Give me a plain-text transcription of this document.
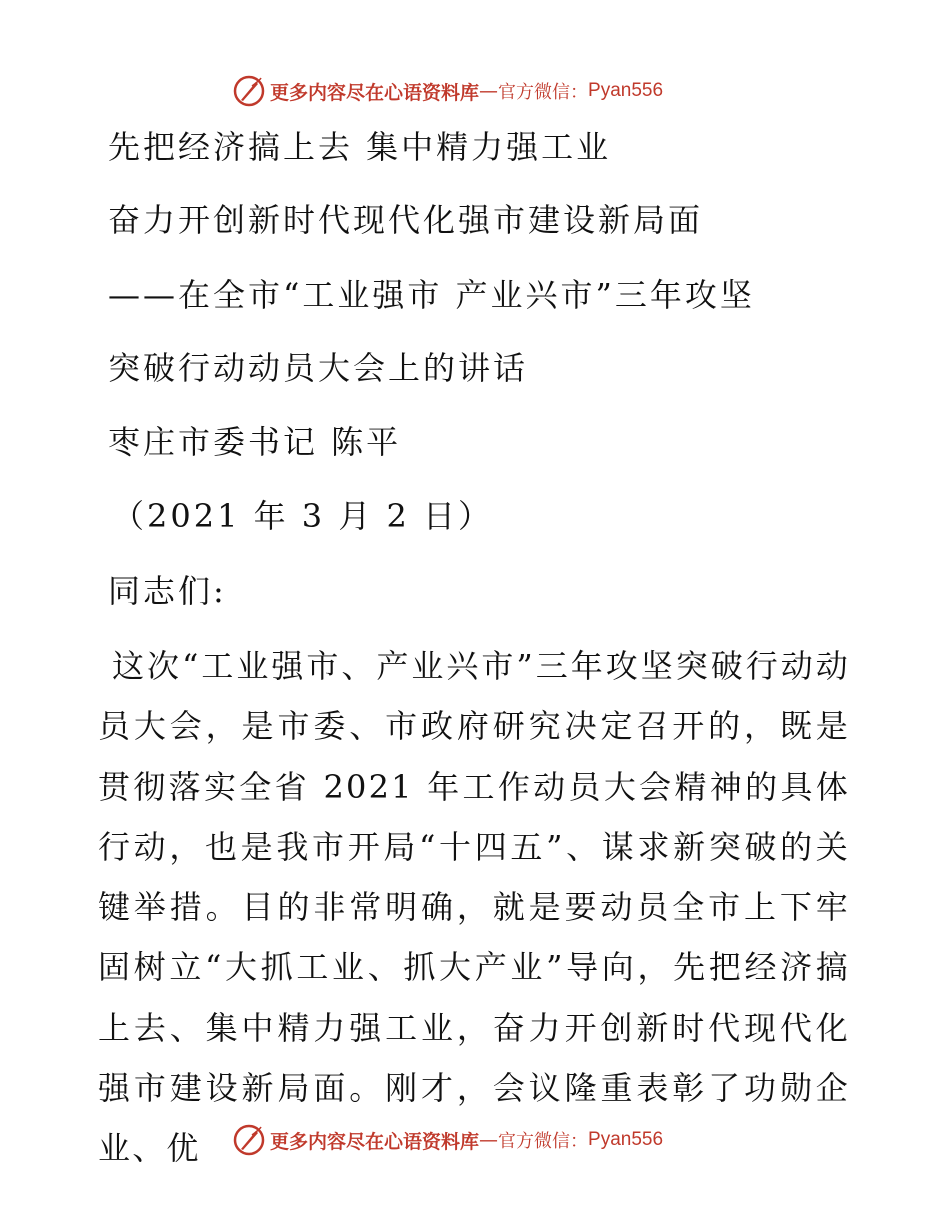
更多内容尽在心语资料库 — 官方微信： Pyan556
先把经济搞上去 集中精力强工业
奋力开创新时代现代化强市建设新局面
——在全市“工业强市 产业兴市”三年攻坚
突破行动动员大会上的讲话
枣庄市委书记 陈平
（2021 年 3 月 2 日）
同志们:
这次“工业强市、产业兴市”三年攻坚突破行动动员大会，是市委、市政府研究决定召开的，既是贯彻落实全省 2021 年工作动员大会精神的具体行动，也是我市开局“十四五”、谋求新突破的关键举措。目的非常明确，就是要动员全市上下牢固树立“大抓工业、抓大产业”导向，先把经济搞上去、集中精力强工业，奋力开创新时代现代化强市建设新局面。刚才，会议隆重表彰了功勋企业、优	更多内容尽在心语资料库 — 官方微信： Pyan556
